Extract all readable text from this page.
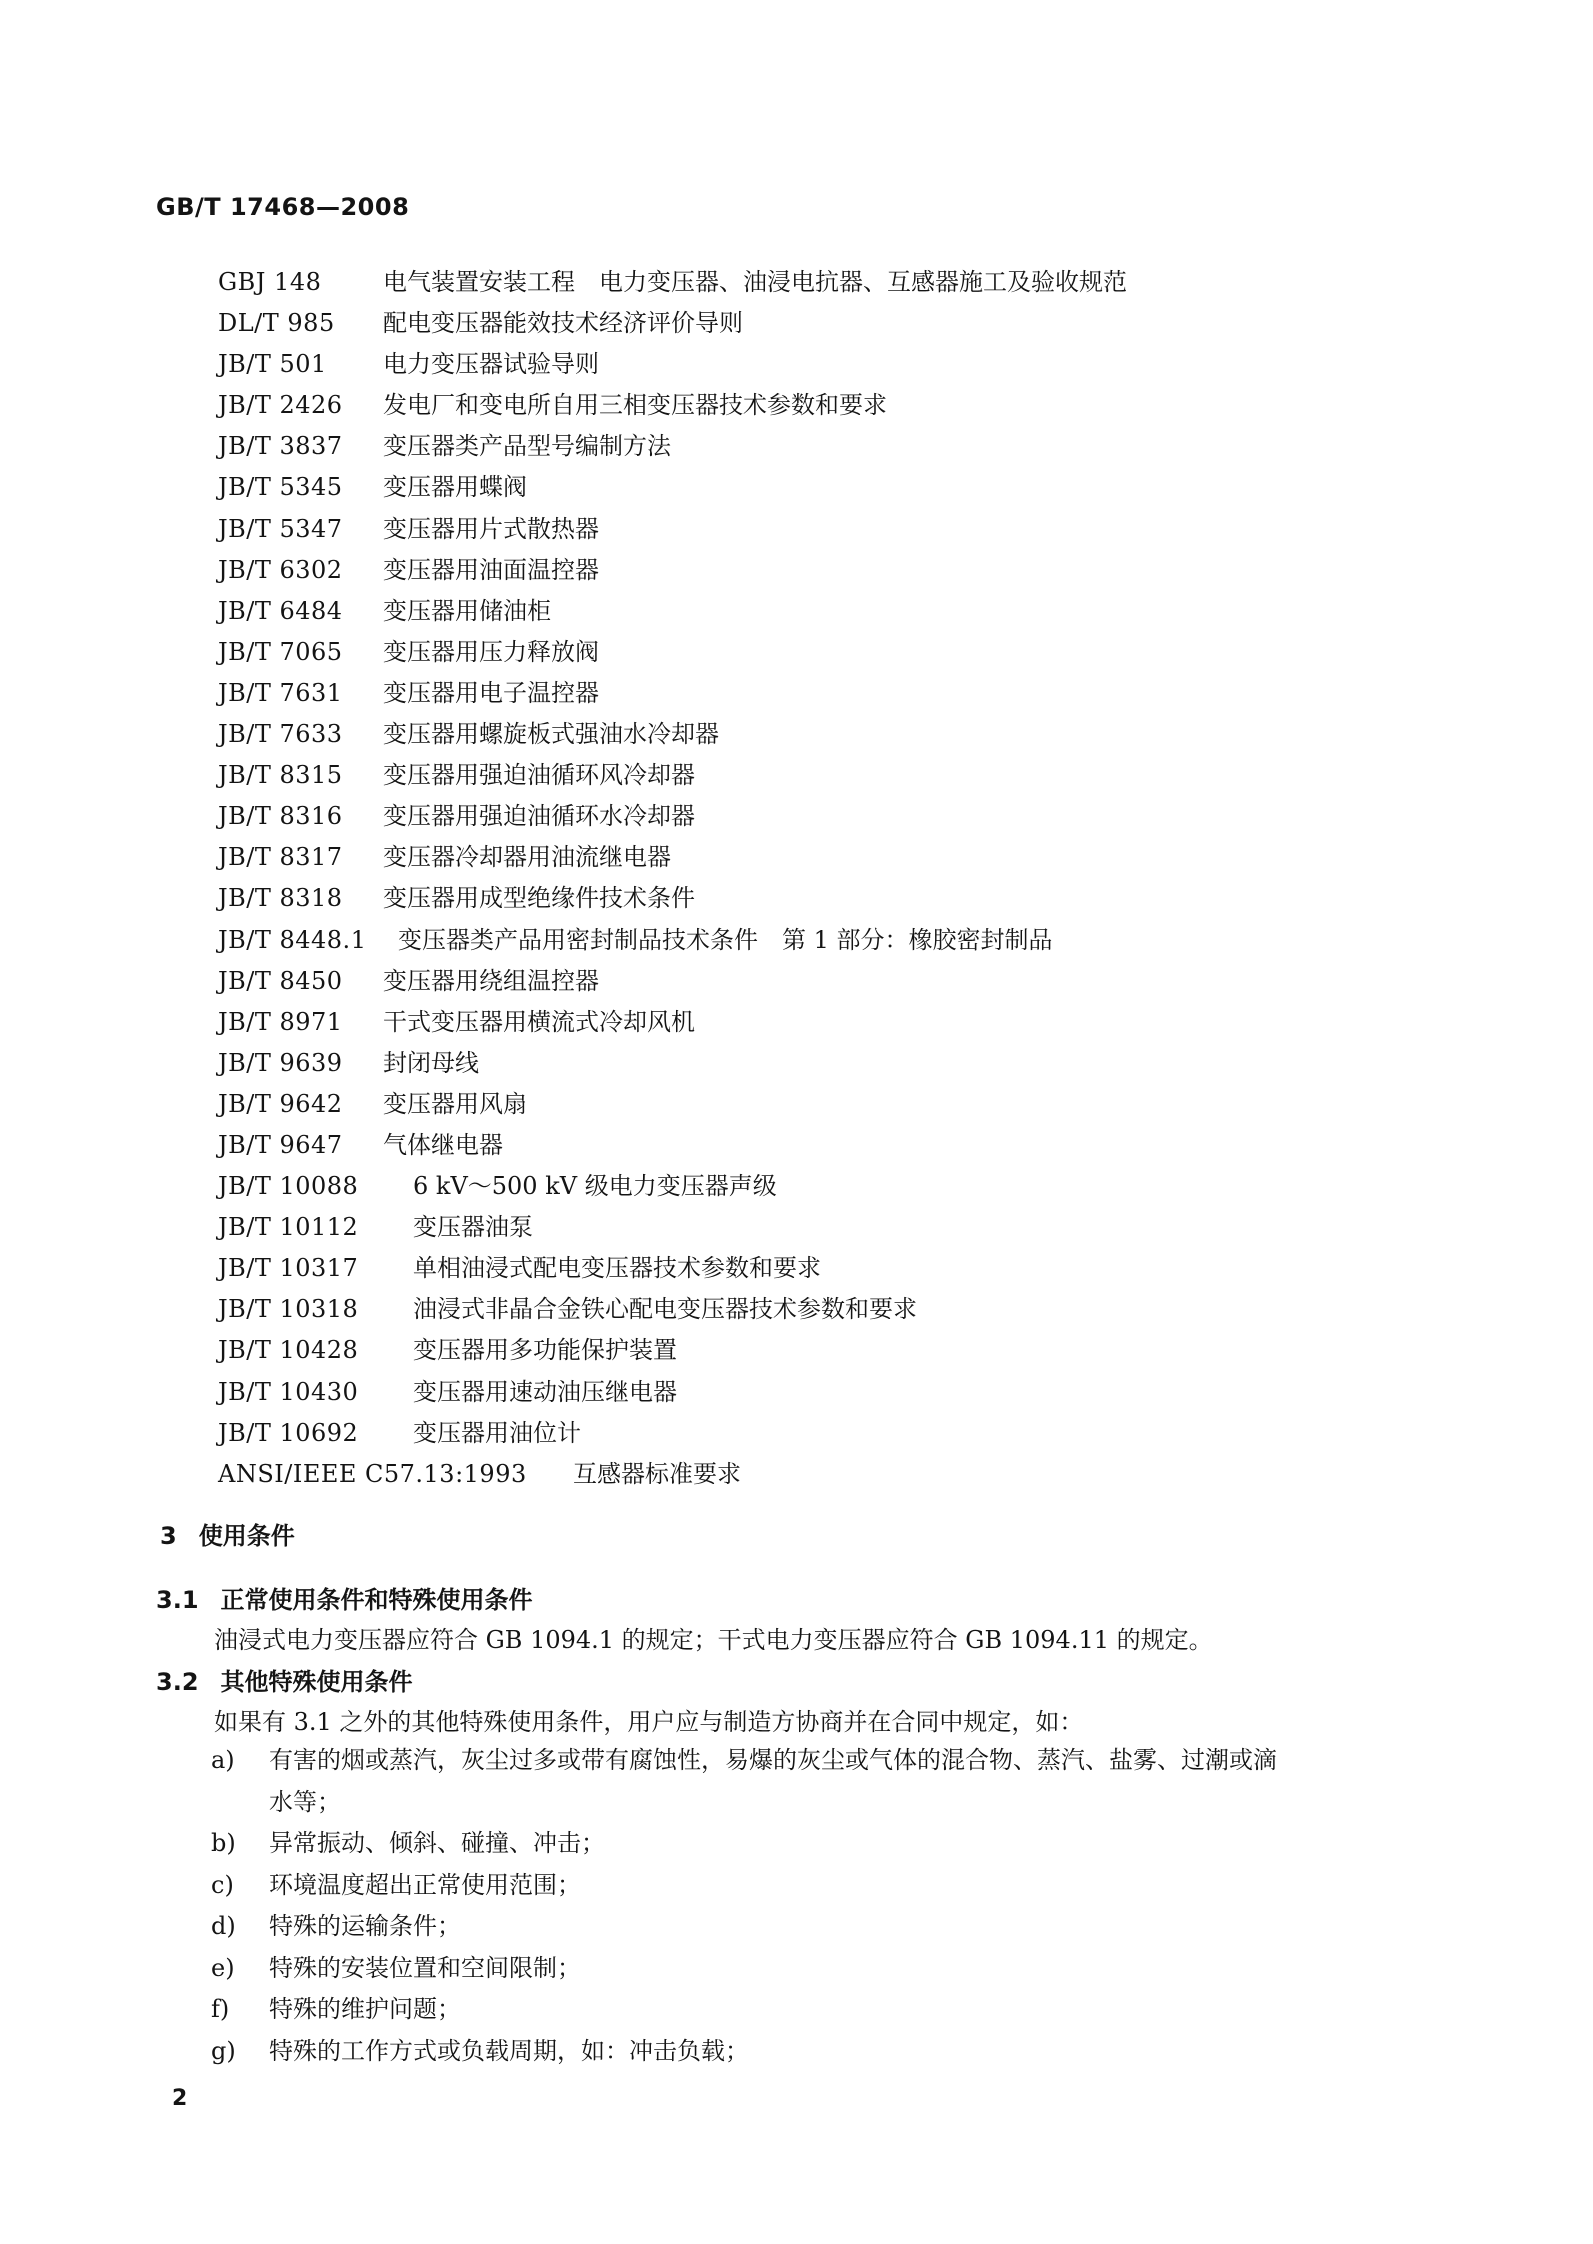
GB/T 17468—2008
GBJ 148	电气装置安装工程　电力变压器、油浸电抗器、互感器施工及验收规范
DL/T 985 配电变压器能效技术经济评价导则
JB/T 501 电力变压器试验导则
JB/T 2426 发电厂和变电所自用三相变压器技术参数和要求
JB/T 3837 变压器类产品型号编制方法
JB/T 5345 变压器用蝶阀
JB/T 5347 变压器用片式散热器
JB/T 6302 变压器用油面温控器
JB/T 6484 变压器用储油柜
JB/T 7065 变压器用压力释放阀
JB/T 7631 变压器用电子温控器
JB/T 7633 变压器用螺旋板式强油水冷却器
JB/T 8315 变压器用强迫油循环风冷却器
JB/T 8316 变压器用强迫油循环水冷却器
JB/T 8317 变压器冷却器用油流继电器
JB/T 8318 变压器用成型绝缘件技术条件
JB/T 8448.1 变压器类产品用密封制品技术条件　第 1 部分：橡胶密封制品
JB/T 8450 变压器用绕组温控器
JB/T 8971 干式变压器用横流式冷却风机
JB/T 9639 封闭母线
JB/T 9642 变压器用风扇
JB/T 9647 气体继电器
JB/T 10088 6 kV～500 kV 级电力变压器声级
JB/T 10112 变压器油泵
JB/T 10317 单相油浸式配电变压器技术参数和要求
JB/T 10318 油浸式非晶合金铁心配电变压器技术参数和要求
JB/T 10428 变压器用多功能保护装置
JB/T 10430 变压器用速动油压继电器
JB/T 10692 变压器用油位计
ANSI/IEEE C57.13:1993 互感器标准要求
3 使用条件
3.1 正常使用条件和特殊使用条件
油浸式电力变压器应符合 GB 1094.1 的规定；干式电力变压器应符合 GB 1094.11 的规定。
3.2 其他特殊使用条件
如果有 3.1 之外的其他特殊使用条件，用户应与制造方协商并在合同中规定，如：
a) 有害的烟或蒸汽，灰尘过多或带有腐蚀性，易爆的灰尘或气体的混合物、蒸汽、盐雾、过潮或滴
水等；
b) 异常振动、倾斜、碰撞、冲击；
c) 环境温度超出正常使用范围；
d) 特殊的运输条件；
e) 特殊的安装位置和空间限制；
f) 特殊的维护问题；
g) 特殊的工作方式或负载周期，如：冲击负载；
2
